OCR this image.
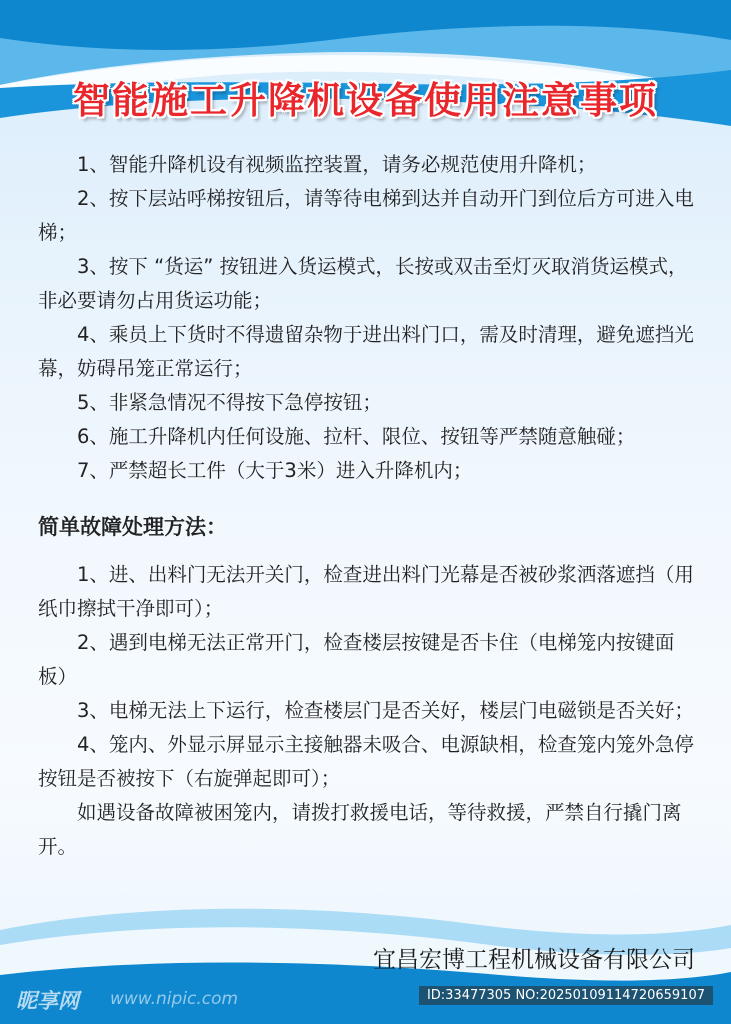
智能施工升降机设备使用注意事项

1、智能升降机设有视频监控装置，请务必规范使用升降机；

2、按下层站呼梯按钮后，请等待电梯到达并自动开门到位后方可进入电梯；

3、按下 “货运” 按钮进入货运模式，长按或双击至灯灭取消货运模式，非必要请勿占用货运功能；

4、乘员上下货时不得遗留杂物于进出料门口，需及时清理，避免遮挡光幕，妨碍吊笼正常运行；

5、非紧急情况不得按下急停按钮；

6、施工升降机内任何设施、拉杆、限位、按钮等严禁随意触碰；

7、严禁超长工件（大于3米）进入升降机内；

简单故障处理方法：

1、进、出料门无法开关门，检查进出料门光幕是否被砂浆洒落遮挡（用纸巾擦拭干净即可）；

2、遇到电梯无法正常开门，检查楼层按键是否卡住（电梯笼内按键面板）

3、电梯无法上下运行，检查楼层门是否关好，楼层门电磁锁是否关好；

4、笼内、外显示屏显示主接触器未吸合、电源缺相，检查笼内笼外急停按钮是否被按下（右旋弹起即可）；

如遇设备故障被困笼内，请拨打救援电话，等待救援，严禁自行撬门离开。

宜昌宏博工程机械设备有限公司
昵享网 www.nipic.com	ID:33477305 NO:20250109114720659107
